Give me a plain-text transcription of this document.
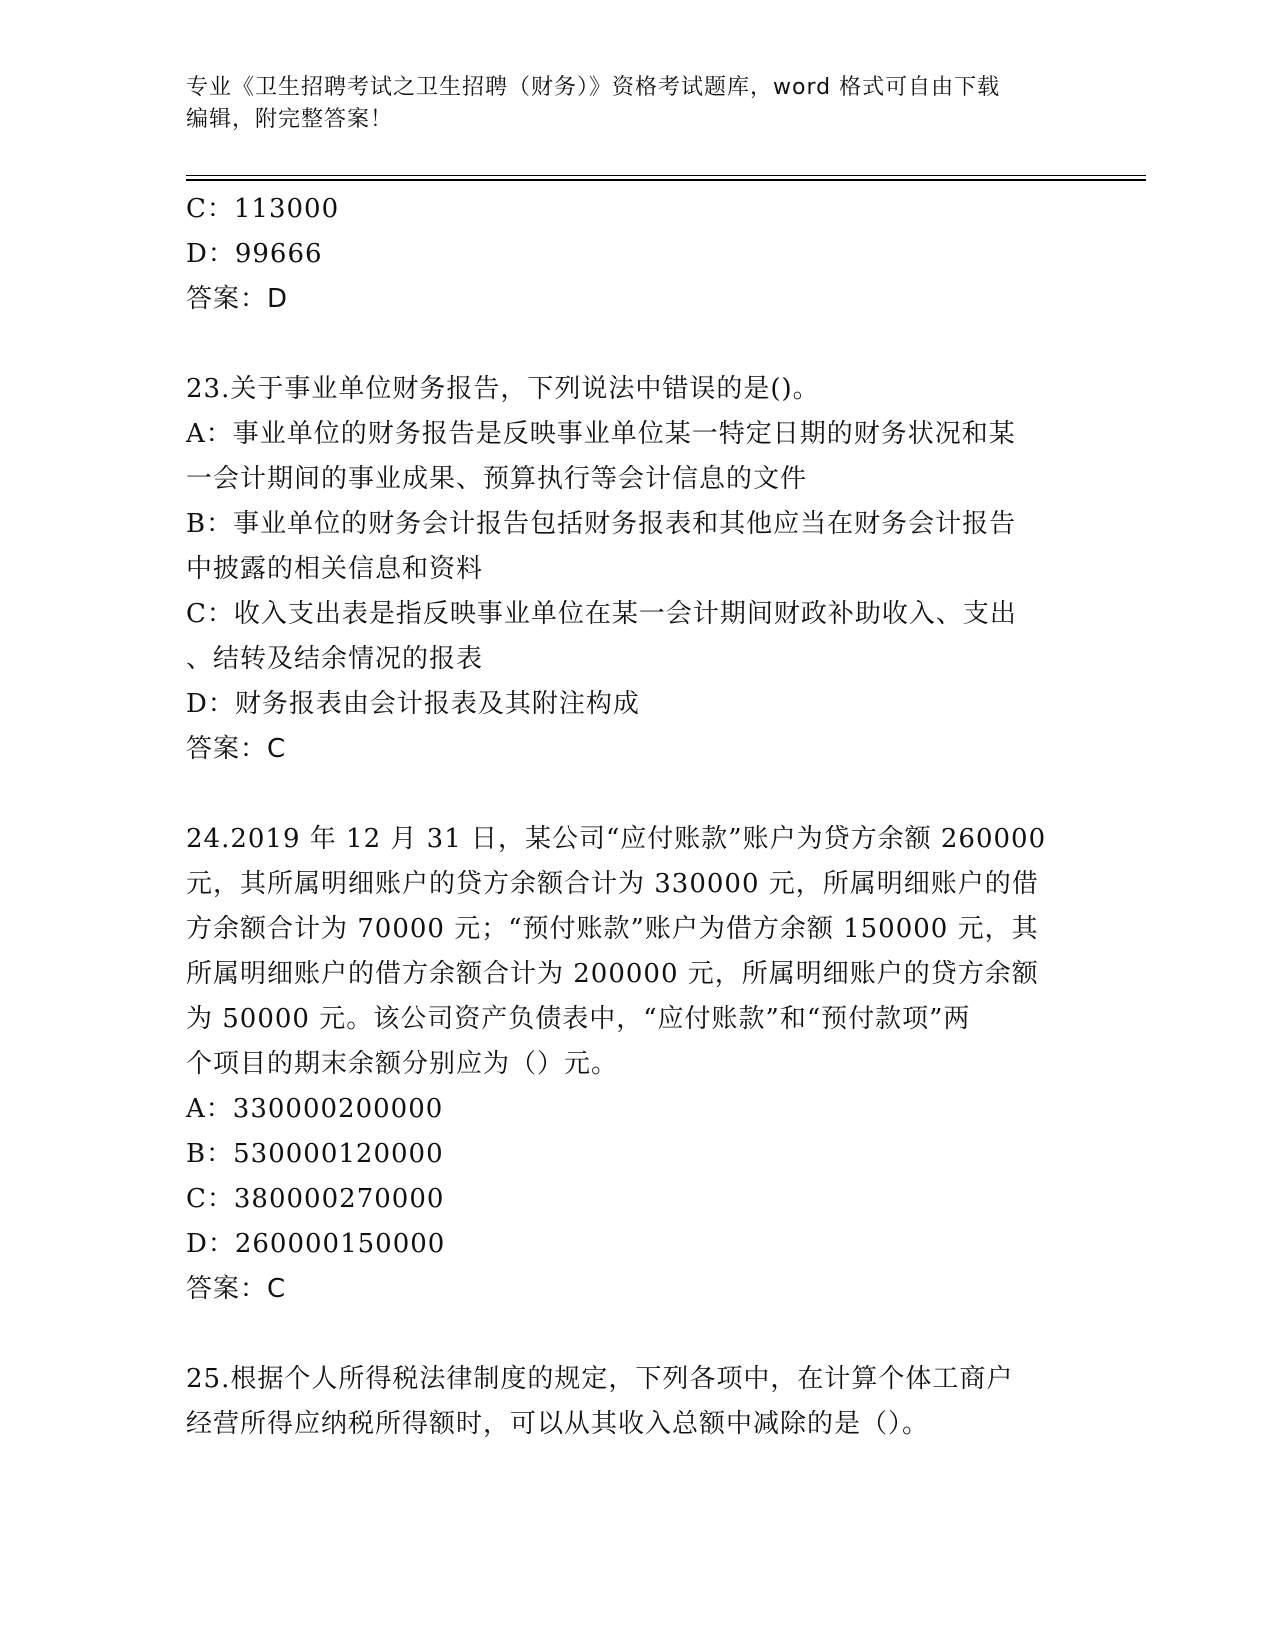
专业《卫生招聘考试之卫生招聘（财务）》资格考试题库，word 格式可自由下载
编辑，附完整答案！
C：113000
D：99666
答案：D
23.关于事业单位财务报告，下列说法中错误的是()。
A：事业单位的财务报告是反映事业单位某一特定日期的财务状况和某
一会计期间的事业成果、预算执行等会计信息的文件
B：事业单位的财务会计报告包括财务报表和其他应当在财务会计报告
中披露的相关信息和资料
C：收入支出表是指反映事业单位在某一会计期间财政补助收入、支出
、结转及结余情况的报表
D：财务报表由会计报表及其附注构成
答案：C
24.2019 年 12 月 31 日，某公司“应付账款”账户为贷方余额 260000
元，其所属明细账户的贷方余额合计为 330000 元，所属明细账户的借
方余额合计为 70000 元；“预付账款”账户为借方余额 150000 元，其
所属明细账户的借方余额合计为 200000 元，所属明细账户的贷方余额
为 50000 元。该公司资产负债表中，“应付账款”和“预付款项”两
个项目的期末余额分别应为（）元。
A：330000200000
B：530000120000
C：380000270000
D：260000150000
答案：C
25.根据个人所得税法律制度的规定，下列各项中，在计算个体工商户
经营所得应纳税所得额时，可以从其收入总额中减除的是（）。
